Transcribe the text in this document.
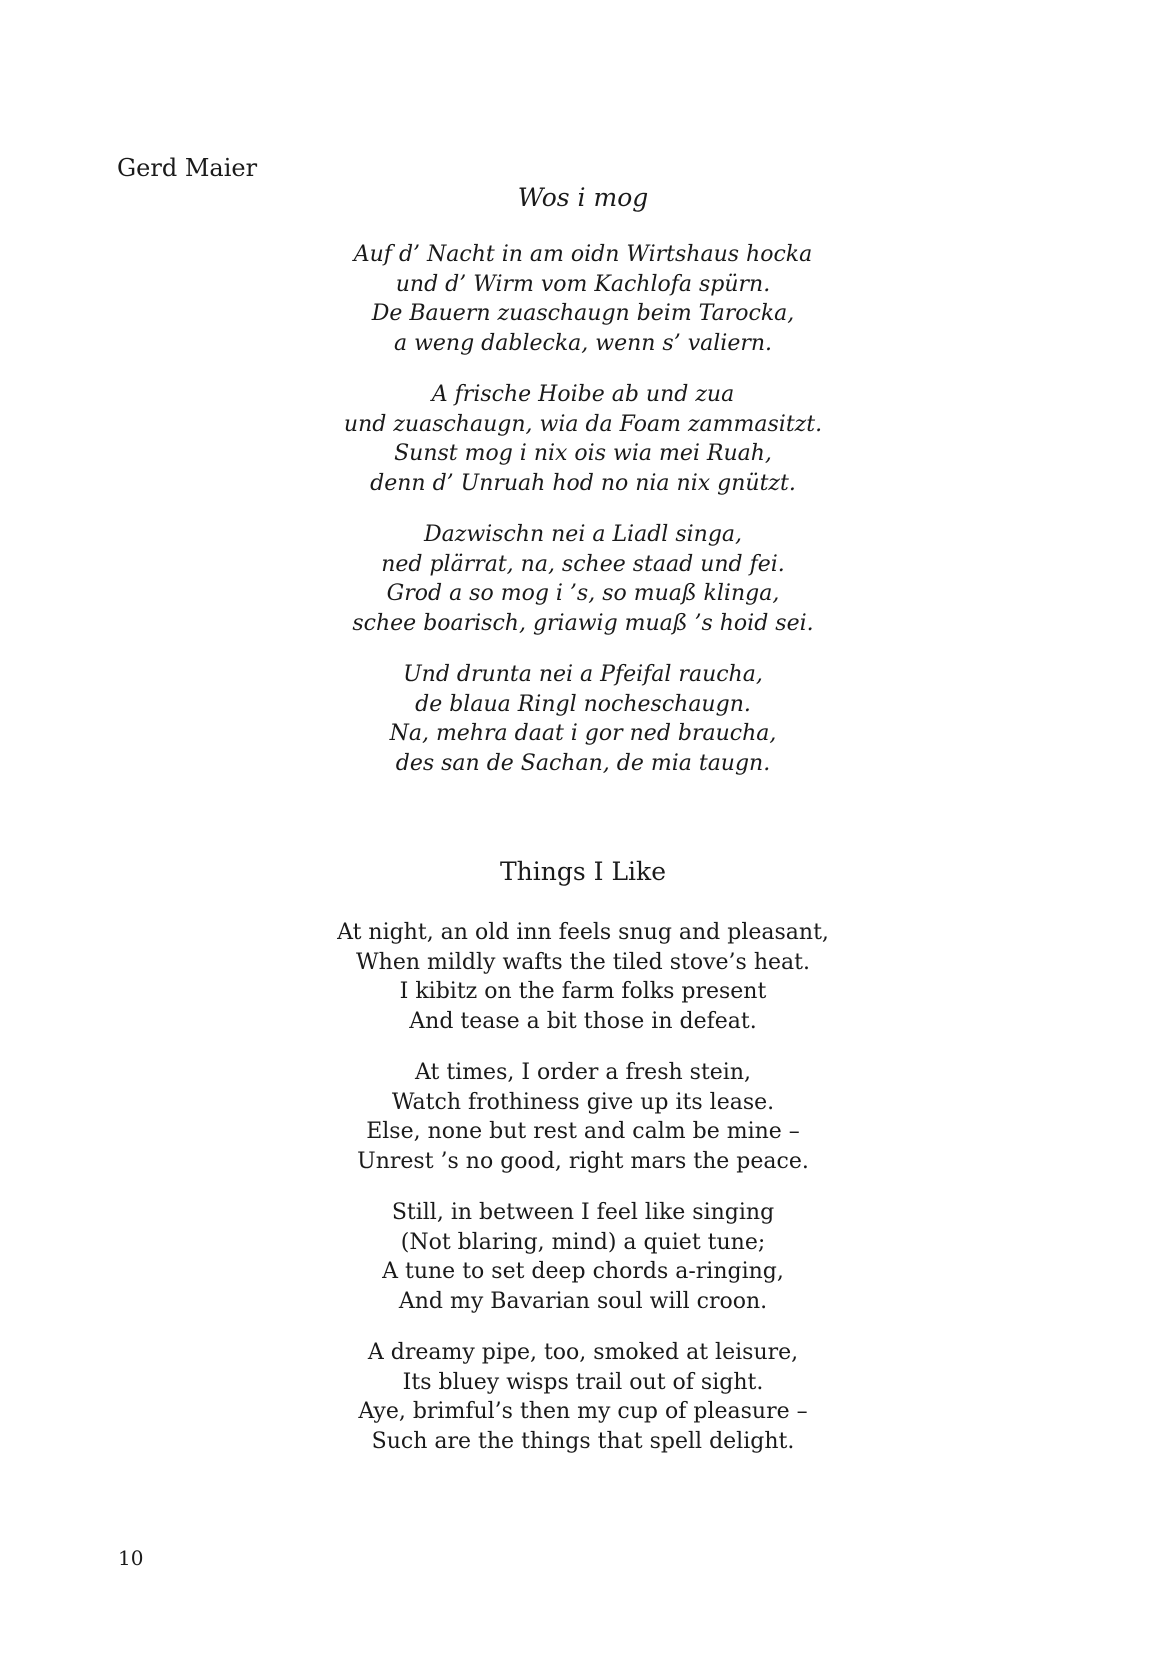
Gerd Maier
Wos i mog
Auf d’ Nacht in am oidn Wirtshaus hocka
und d’ Wirm vom Kachlofa spürn.
De Bauern zuaschaugn beim Tarocka,
a weng dablecka, wenn s’ valiern.
A frische Hoibe ab und zua
und zuaschaugn, wia da Foam zammasitzt.
Sunst mog i nix ois wia mei Ruah,
denn d’ Unruah hod no nia nix gnützt.
Dazwischn nei a Liadl singa,
ned plärrat, na, schee staad und fei.
Grod a so mog i ’s, so muaß klinga,
schee boarisch, griawig muaß ’s hoid sei.
Und drunta nei a Pfeifal raucha,
de blaua Ringl nocheschaugn.
Na, mehra daat i gor ned braucha,
des san de Sachan, de mia taugn.
Things I Like
At night, an old inn feels snug and pleasant,
When mildly wafts the tiled stove’s heat.
I kibitz on the farm folks present
And tease a bit those in defeat.
At times, I order a fresh stein,
Watch frothiness give up its lease.
Else, none but rest and calm be mine –
Unrest ’s no good, right mars the peace.
Still, in between I feel like singing
(Not blaring, mind) a quiet tune;
A tune to set deep chords a-ringing,
And my Bavarian soul will croon.
A dreamy pipe, too, smoked at leisure,
Its bluey wisps trail out of sight.
Aye, brimful’s then my cup of pleasure –
Such are the things that spell delight.
10
